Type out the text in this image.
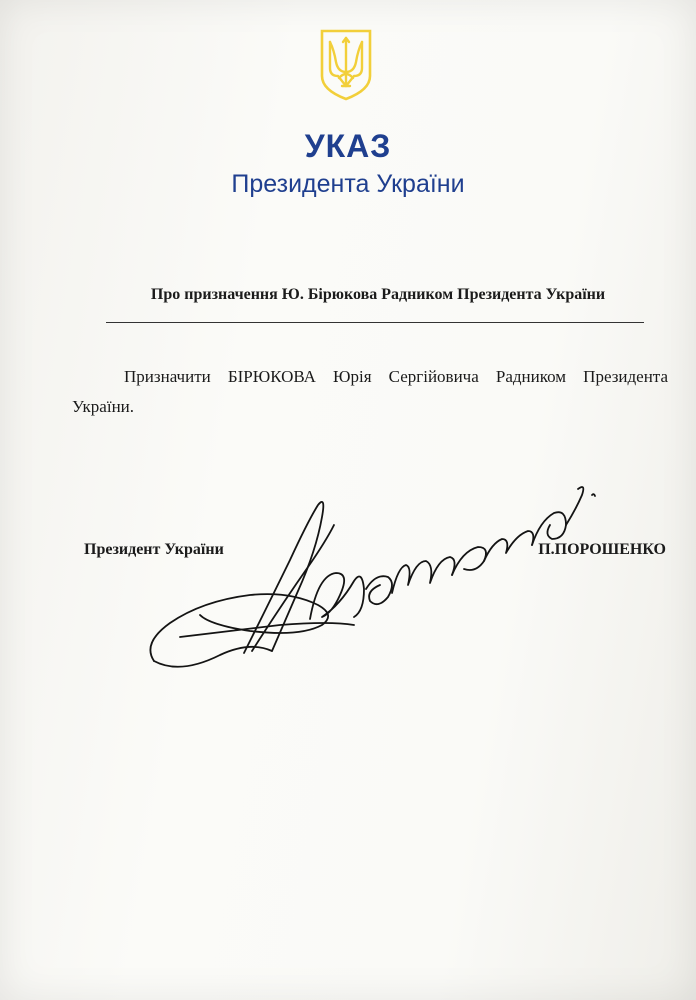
УКАЗ
Президента України
Про призначення Ю. Бірюкова Радником Президента України

Призначити БІРЮКОВА Юрія Сергійовича Радником Президента України.

Президент України	П.ПОРОШЕНКО
